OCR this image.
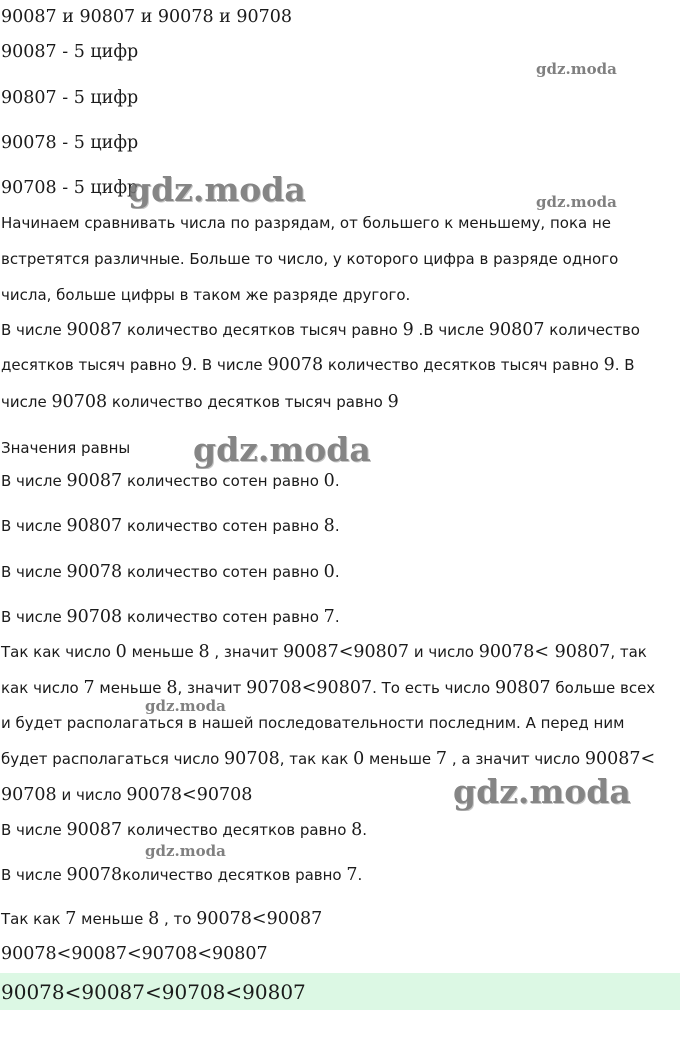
90087 и 90807 и 90078 и 90708
90087 - 5 цифр
90807 - 5 цифр
90078 - 5 цифр
90708 - 5 цифр
Начинаем сравнивать числа по разрядам, от большего к меньшему, пока не
встретятся различные. Больше то число, у которого цифра в разряде одного
числа, больше цифры в таком же разряде другого.
В числе 90087 количество десятков тысяч равно 9 .В числе 90807 количество
десятков тысяч равно 9. В числе 90078 количество десятков тысяч равно 9. В
числе 90708 количество десятков тысяч равно 9
Значения равны
В числе 90087 количество сотен равно 0.
В числе 90807 количество сотен равно 8.
В числе 90078 количество сотен равно 0.
В числе 90708 количество сотен равно 7.
Так как число 0 меньше 8 , значит 90087<90807 и число 90078< 90807, так
как число 7 меньше 8, значит 90708<90807. То есть число 90807 больше всех
и будет располагаться в нашей последовательности последним. А перед ним
будет располагаться число 90708, так как 0 меньше 7 , а значит число 90087<
90708 и число 90078<90708
В числе 90087 количество десятков равно 8.
В числе 90078количество десятков равно 7.
Так как 7 меньше 8 , то 90078<90087
90078<90087<90708<90807
90078<90087<90708<90807
gdz.moda
gdz.moda	gdz.moda
gdz.moda
gdz.moda
gdz.moda
gdz.moda
